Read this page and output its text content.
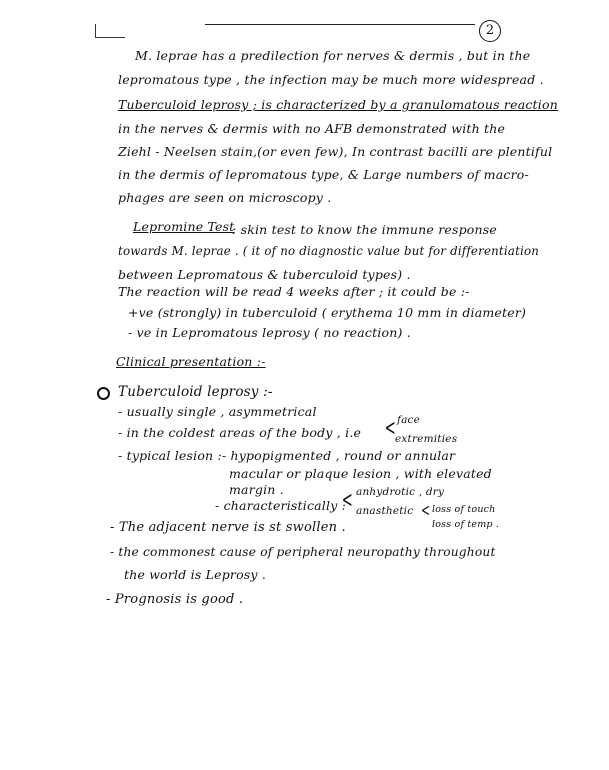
2
M. leprae has a predilection for nerves & dermis , but in the
lepromatous type , the infection may be much more widespread .
Tuberculoid leprosy ; is characterized by a granulomatous reaction
in the nerves & dermis with no AFB demonstrated with the
Ziehl - Neelsen stain,(or even few), In contrast bacilli are plentiful
in the dermis of lepromatous type, & Large numbers of macro-
phages are seen on microscopy .
Lepromine Test
: skin test to know the immune response
towards M. leprae . ( it of no diagnostic value but for differentiation
between Lepromatous & tuberculoid types) .
The reaction will be read 4 weeks after ; it could be :-
+ve (strongly) in tuberculoid ( erythema 10 mm in diameter)
- ve in Lepromatous leprosy ( no reaction) .
Clinical presentation :-
Tuberculoid leprosy :-
- usually single , asymmetrical
- in the coldest areas of the body , i.e < face
extremities
- typical lesion :- hypopigmented , round or annular
macular or plaque lesion , with elevated
margin .
- characteristically :
< anhydrotic , dry
anasthetic < loss of touch
loss of temp .
- The adjacent nerve is st swollen .
- the commonest cause of peripheral neuropathy throughout
the world is Leprosy .
- Prognosis is good .
